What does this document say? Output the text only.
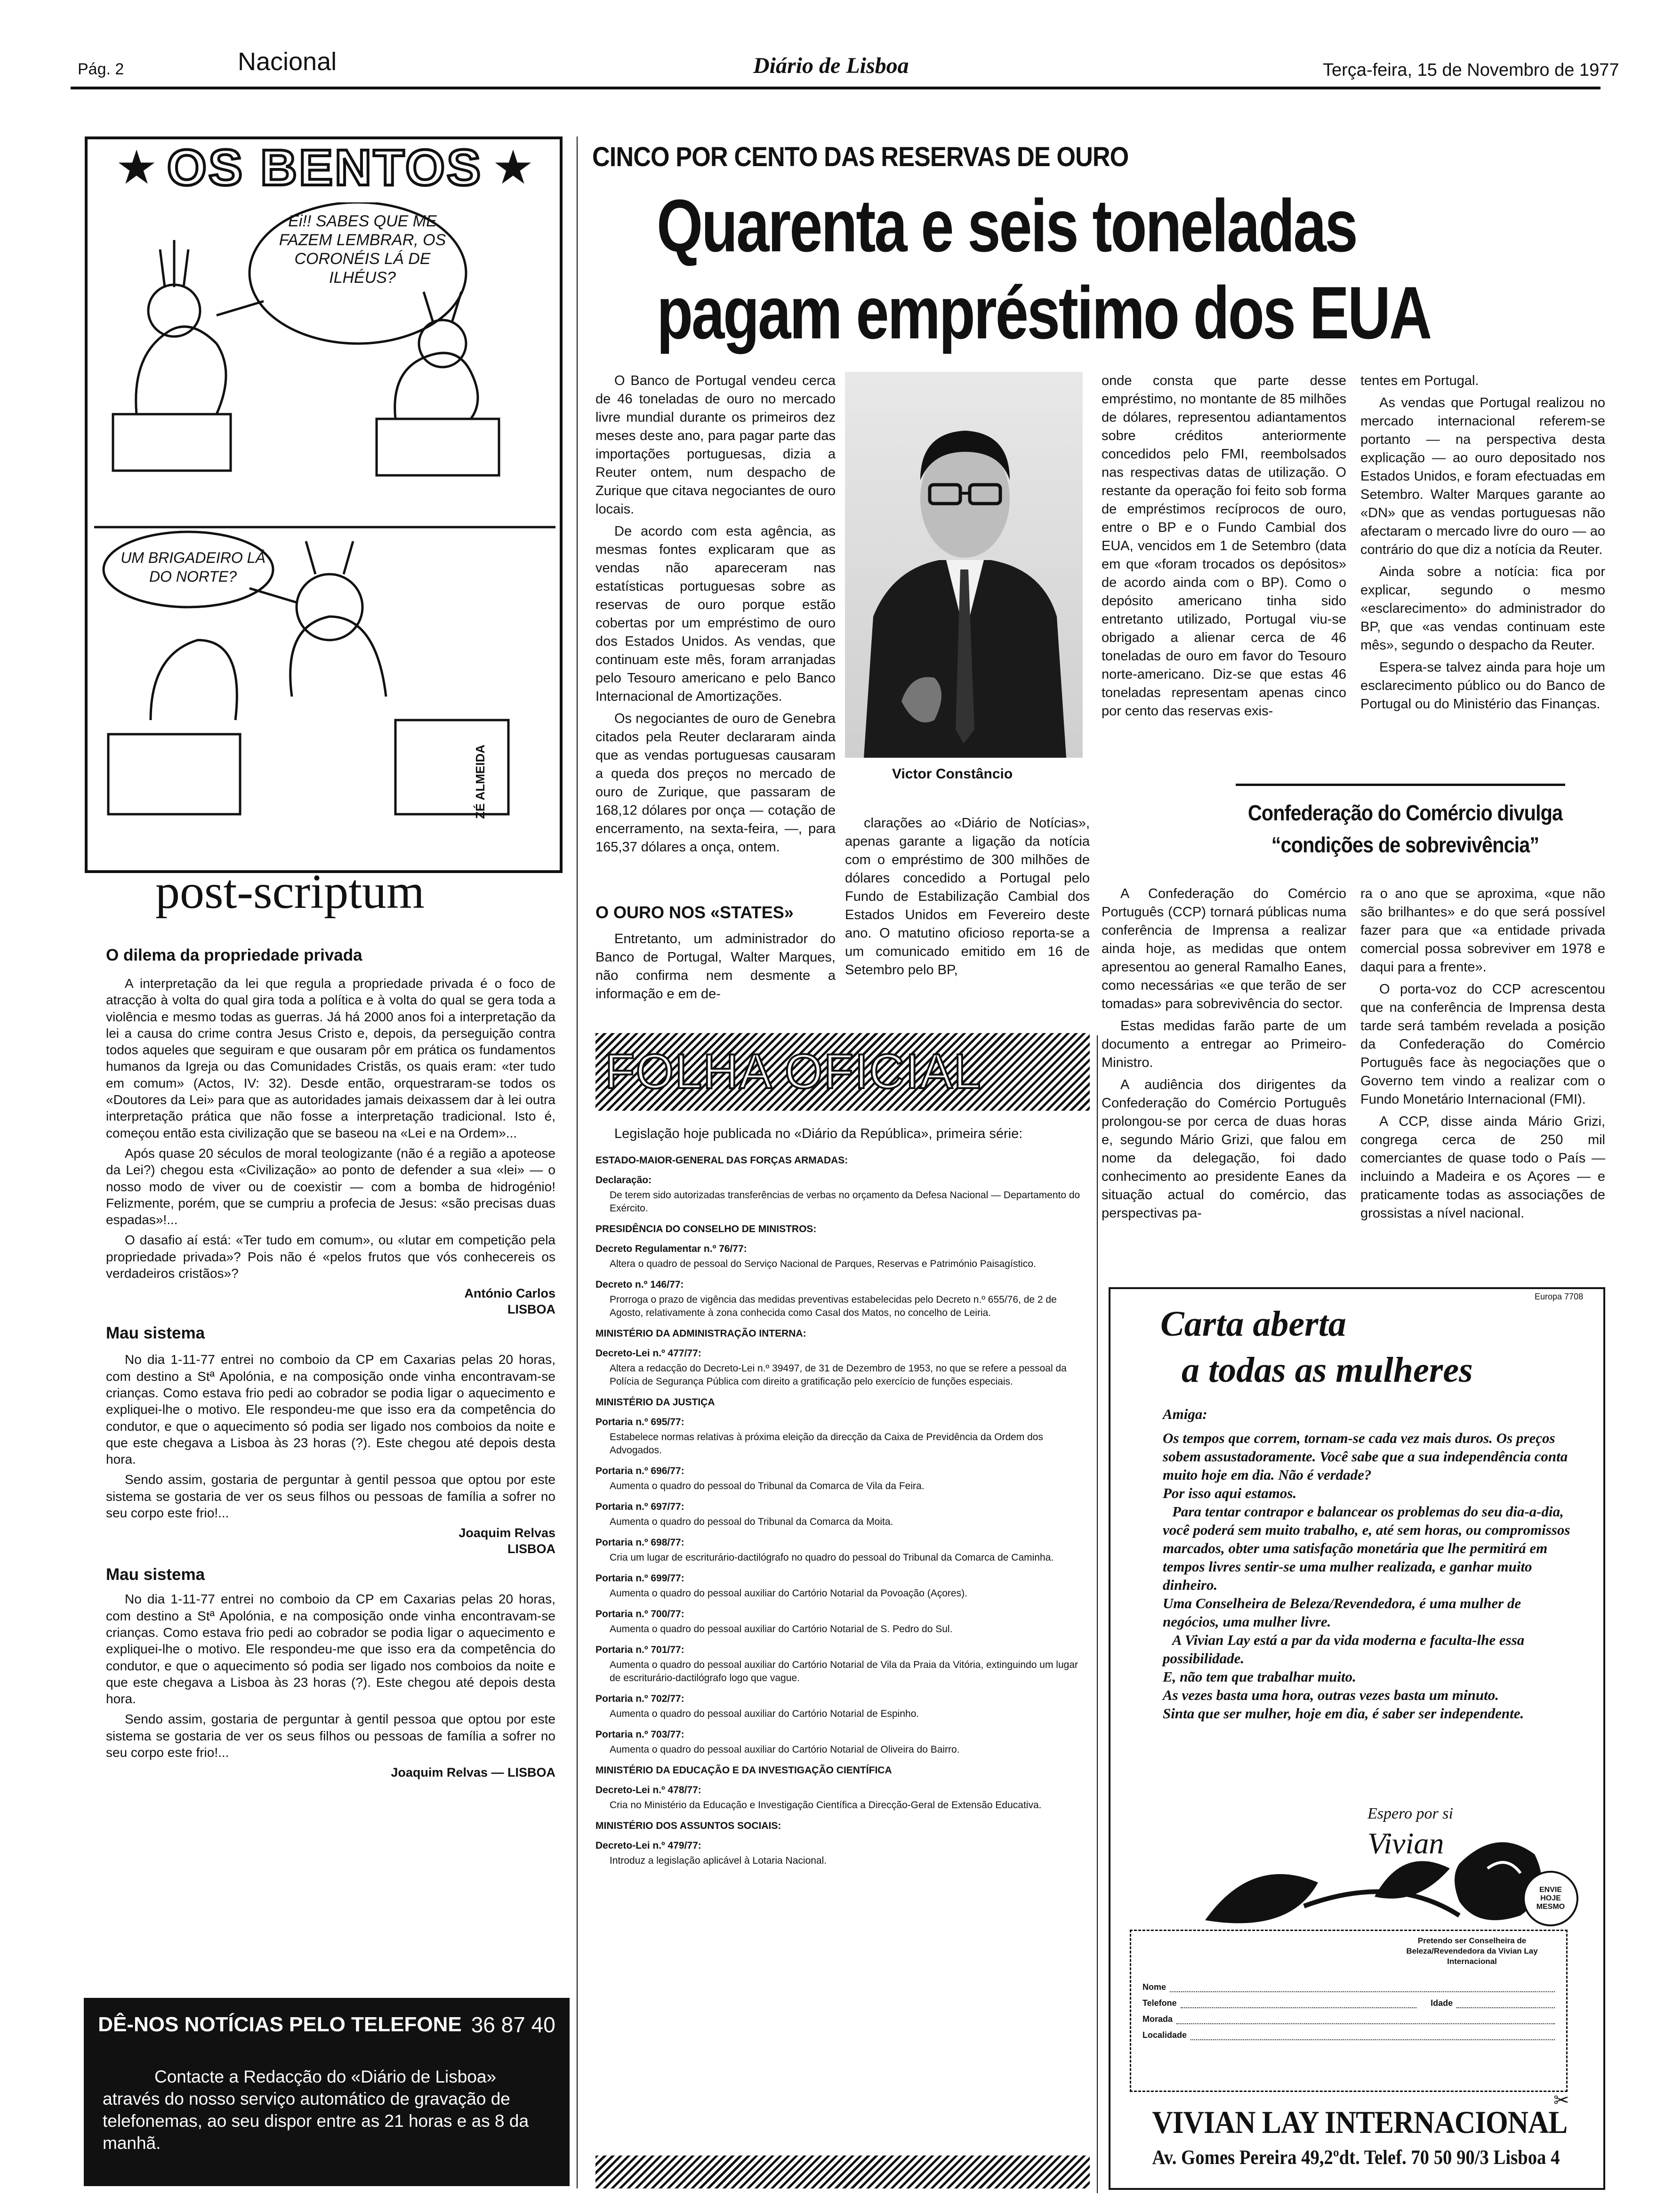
Pág. 2	Nacional	Diário de Lisboa	Terça-feira, 15 de Novembro de 1977
★ OS BENTOS ★
Ei!! SABES QUE ME FAZEM LEMBRAR, OS CORONÉIS LÁ DE ILHÉUS?
UM BRIGADEIRO LÁ DO NORTE?
ZÉ ALMEIDA
post-scriptum
O dilema da propriedade privada

A interpretação da lei que regula a propriedade privada é o foco de atracção à volta do qual gira toda a política e à volta do qual se gera toda a violência e mesmo todas as guerras. Já há 2000 anos foi a interpretação da lei a causa do crime contra Jesus Cristo e, depois, da perseguição contra todos aqueles que seguiram e que ousaram pôr em prática os fundamentos humanos da Igreja ou das Comunidades Cristãs, os quais eram: «ter tudo em comum» (Actos, IV: 32). Desde então, orquestraram-se todos os «Doutores da Lei» para que as autoridades jamais deixassem dar à lei outra interpretação prática que não fosse a interpretação tradicional. Isto é, começou então esta civilização que se baseou na «Lei e na Ordem»...

Após quase 20 séculos de moral teologizante (não é a região a apoteose da Lei?) chegou esta «Civilização» ao ponto de defender a sua «lei» — o nosso modo de viver ou de coexistir — com a bomba de hidrogénio! Felizmente, porém, que se cumpriu a profecia de Jesus: «são precisas duas espadas»!...

O dasafio aí está: «Ter tudo em comum», ou «lutar em competição pela propriedade privada»? Pois não é «pelos frutos que vós conhecereis os verdadeiros cristãos»?

António Carlos
LISBOA
Mau sistema

No dia 1-11-77 entrei no comboio da CP em Caxarias pelas 20 horas, com destino a Stª Apolónia, e na composição onde vinha encontravam-se crianças. Como estava frio pedi ao cobrador se podia ligar o aquecimento e expliquei-lhe o motivo. Ele respondeu-me que isso era da competência do condutor, e que o aquecimento só podia ser ligado nos comboios da noite e que este chegava a Lisboa às 23 horas (?). Este chegou até depois desta hora.

Sendo assim, gostaria de perguntar à gentil pessoa que optou por este sistema se gostaria de ver os seus filhos ou pessoas de família a sofrer no seu corpo este frio!...

Joaquim Relvas
LISBOA
Mau sistema

No dia 1-11-77 entrei no comboio da CP em Caxarias pelas 20 horas, com destino a Stª Apolónia, e na composição onde vinha encontravam-se crianças. Como estava frio pedi ao cobrador se podia ligar o aquecimento e expliquei-lhe o motivo. Ele respondeu-me que isso era da competência do condutor, e que o aquecimento só podia ser ligado nos comboios da noite e que este chegava a Lisboa às 23 horas (?). Este chegou até depois desta hora.

Sendo assim, gostaria de perguntar à gentil pessoa que optou por este sistema se gostaria de ver os seus filhos ou pessoas de família a sofrer no seu corpo este frio!...

Joaquim Relvas — LISBOA
DÊ-NOS NOTÍCIAS PELO TELEFONE 36 87 40
Contacte a Redacção do «Diário de Lisboa» através do nosso serviço automático de gravação de telefonemas, ao seu dispor entre as 21 horas e as 8 da manhã.
CINCO POR CENTO DAS RESERVAS DE OURO
Quarenta e seis toneladas
pagam empréstimo dos EUA

O Banco de Portugal vendeu cerca de 46 toneladas de ouro no mercado livre mundial durante os primeiros dez meses deste ano, para pagar parte das importações portuguesas, dizia a Reuter ontem, num despacho de Zurique que citava negociantes de ouro locais.

De acordo com esta agência, as mesmas fontes explicaram que as vendas não apareceram nas estatísticas portuguesas sobre as reservas de ouro porque estão cobertas por um empréstimo de ouro dos Estados Unidos. As vendas, que continuam este mês, foram arranjadas pelo Tesouro americano e pelo Banco Internacional de Amortizações.

Os negociantes de ouro de Genebra citados pela Reuter declararam ainda que as vendas portuguesas causaram a queda dos preços no mercado de ouro de Zurique, que passaram de 168,12 dólares por onça — cotação de encerramento, na sexta-feira, —, para 165,37 dólares a onça, ontem.

O OURO NOS «STATES»

Entretanto, um administrador do Banco de Portugal, Walter Marques, não confirma nem desmente a informação e em de-

Victor Constâncio

clarações ao «Diário de Notícias», apenas garante a ligação da notícia com o empréstimo de 300 milhões de dólares concedido a Portugal pelo Fundo de Estabilização Cambial dos Estados Unidos em Fevereiro deste ano. O matutino oficioso reporta-se a um comunicado emitido em 16 de Setembro pelo BP,

onde consta que parte desse empréstimo, no montante de 85 milhões de dólares, representou adiantamentos sobre créditos anteriormente concedidos pelo FMI, reembolsados nas respectivas datas de utilização. O restante da operação foi feito sob forma de empréstimos recíprocos de ouro, entre o BP e o Fundo Cambial dos EUA, vencidos em 1 de Setembro (data em que «foram trocados os depósitos» de acordo ainda com o BP). Como o depósito americano tinha sido entretanto utilizado, Portugal viu-se obrigado a alienar cerca de 46 toneladas de ouro em favor do Tesouro norte-americano. Diz-se que estas 46 toneladas representam apenas cinco por cento das reservas exis-

tentes em Portugal.

As vendas que Portugal realizou no mercado internacional referem-se portanto — na perspectiva desta explicação — ao ouro depositado nos Estados Unidos, e foram efectuadas em Setembro. Walter Marques garante ao «DN» que as vendas portuguesas não afectaram o mercado livre do ouro — ao contrário do que diz a notícia da Reuter.

Ainda sobre a notícia: fica por explicar, segundo o mesmo «esclarecimento» do administrador do BP, que «as vendas continuam este mês», segundo o despacho da Reuter.

Espera-se talvez ainda para hoje um esclarecimento público ou do Banco de Portugal ou do Ministério das Finanças.

Confederação do Comércio divulga
“condições de sobrevivência”

A Confederação do Comércio Português (CCP) tornará públicas numa conferência de Imprensa a realizar ainda hoje, as medidas que ontem apresentou ao general Ramalho Eanes, como necessárias «e que terão de ser tomadas» para sobrevivência do sector.

Estas medidas farão parte de um documento a entregar ao Primeiro-Ministro.

A audiência dos dirigentes da Confederação do Comércio Português prolongou-se por cerca de duas horas e, segundo Mário Grizi, que falou em nome da delegação, foi dado conhecimento ao presidente Eanes da situação actual do comércio, das perspectivas pa-

ra o ano que se aproxima, «que não são brilhantes» e do que será possível fazer para que «a entidade privada comercial possa sobreviver em 1978 e daqui para a frente».

O porta-voz do CCP acrescentou que na conferência de Imprensa desta tarde será também revelada a posição da Confederação do Comércio Português face às negociações que o Governo tem vindo a realizar com o Fundo Monetário Internacional (FMI).

A CCP, disse ainda Mário Grizi, congrega cerca de 250 mil comerciantes de quase todo o País — incluindo a Madeira e os Açores — e praticamente todas as associações de grossistas a nível nacional.

FOLHA OFICIAL
Legislação hoje publicada no «Diário da República», primeira série:
ESTADO-MAIOR-GENERAL DAS FORÇAS ARMADAS:
Declaração:
De terem sido autorizadas transferências de verbas no orçamento da Defesa Nacional — Departamento do Exército.
PRESIDÊNCIA DO CONSELHO DE MINISTROS:
Decreto Regulamentar n.º 76/77:
Altera o quadro de pessoal do Serviço Nacional de Parques, Reservas e Património Paisagístico.
Decreto n.º 146/77:
Prorroga o prazo de vigência das medidas preventivas estabelecidas pelo Decreto n.º 655/76, de 2 de Agosto, relativamente à zona conhecida como Casal dos Matos, no concelho de Leiria.
MINISTÉRIO DA ADMINISTRAÇÃO INTERNA:
Decreto-Lei n.º 477/77:
Altera a redacção do Decreto-Lei n.º 39497, de 31 de Dezembro de 1953, no que se refere a pessoal da Polícia de Segurança Pública com direito a gratificação pelo exercício de funções especiais.
MINISTÉRIO DA JUSTIÇA
Portaria n.º 695/77:
Estabelece normas relativas à próxima eleição da direcção da Caixa de Previdência da Ordem dos Advogados.
Portaria n.º 696/77:
Aumenta o quadro do pessoal do Tribunal da Comarca de Vila da Feira.
Portaria n.º 697/77:
Aumenta o quadro do pessoal do Tribunal da Comarca da Moita.
Portaria n.º 698/77:
Cria um lugar de escriturário-dactilógrafo no quadro do pessoal do Tribunal da Comarca de Caminha.
Portaria n.º 699/77:
Aumenta o quadro do pessoal auxiliar do Cartório Notarial da Povoação (Açores).
Portaria n.º 700/77:
Aumenta o quadro do pessoal auxiliar do Cartório Notarial de S. Pedro do Sul.
Portaria n.º 701/77:
Aumenta o quadro do pessoal auxiliar do Cartório Notarial de Vila da Praia da Vitória, extinguindo um lugar de escriturário-dactilógrafo logo que vague.
Portaria n.º 702/77:
Aumenta o quadro do pessoal auxiliar do Cartório Notarial de Espinho.
Portaria n.º 703/77:
Aumenta o quadro do pessoal auxiliar do Cartório Notarial de Oliveira do Bairro.
MINISTÉRIO DA EDUCAÇÃO E DA INVESTIGAÇÃO CIENTÍFICA
Decreto-Lei n.º 478/77:
Cria no Ministério da Educação e Investigação Científica a Direcção-Geral de Extensão Educativa.
MINISTÉRIO DOS ASSUNTOS SOCIAIS:
Decreto-Lei n.º 479/77:
Introduz a legislação aplicável à Lotaria Nacional.
Europa 7708
Carta aberta
a todas as mulheres
Amiga:
Os tempos que correm, tornam-se cada vez mais duros. Os preços sobem assustadoramente. Você sabe que a sua independência conta muito hoje em dia. Não é verdade?
Por isso aqui estamos.
Para tentar contrapor e balancear os problemas do seu dia-a-dia, você poderá sem muito trabalho, e, até sem horas, ou compromissos marcados, obter uma satisfação monetária que lhe permitirá em tempos livres sentir-se uma mulher realizada, e ganhar muito dinheiro.
Uma Conselheira de Beleza/Revendedora, é uma mulher de negócios, uma mulher livre.
A Vivian Lay está a par da vida moderna e faculta-lhe essa possibilidade.
E, não tem que trabalhar muito.
As vezes basta uma hora, outras vezes basta um minuto.
Sinta que ser mulher, hoje em dia, é saber ser independente.
Espero por si
Vivian
ENVIE HOJE MESMO
Pretendo ser Conselheira de Beleza/Revendedora da Vivian Lay Internacional
Nome
Telefone	Idade
Morada
Localidade
✂
VIVIAN LAY INTERNACIONAL
Av. Gomes Pereira 49,2ºdt. Telef. 70 50 90/3 Lisboa 4
